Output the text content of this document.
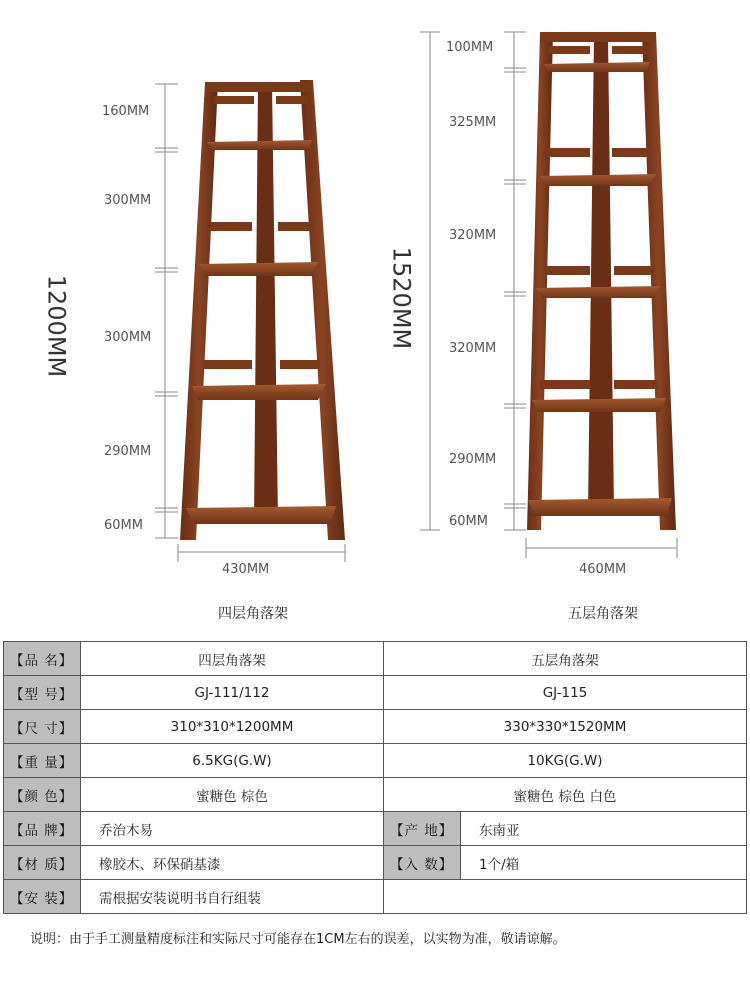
160MM
300MM
300MM
290MM
60MM
1200MM
430MM
四层角落架
100MM
325MM
320MM
320MM
290MM
60MM
1520MM
460MM
五层角落架
【品 名】	四层角落架	五层角落架	
【型 号】	GJ-111/112	GJ-115	
【尺 寸】	310*310*1200MM	330*330*1520MM	
【重 量】	6.5KG(G.W)	10KG(G.W)	
【颜 色】	蜜糖色 棕色	蜜糖色 棕色 白色	
【品 牌】	乔治木易	【产 地】	东南亚
【材 质】	橡胶木、环保硝基漆	【入 数】	1个/箱
【安 装】	需根据安装说明书自行组装		
说明：由于手工测量精度标注和实际尺寸可能存在1CM左右的误差，以实物为准，敬请谅解。
